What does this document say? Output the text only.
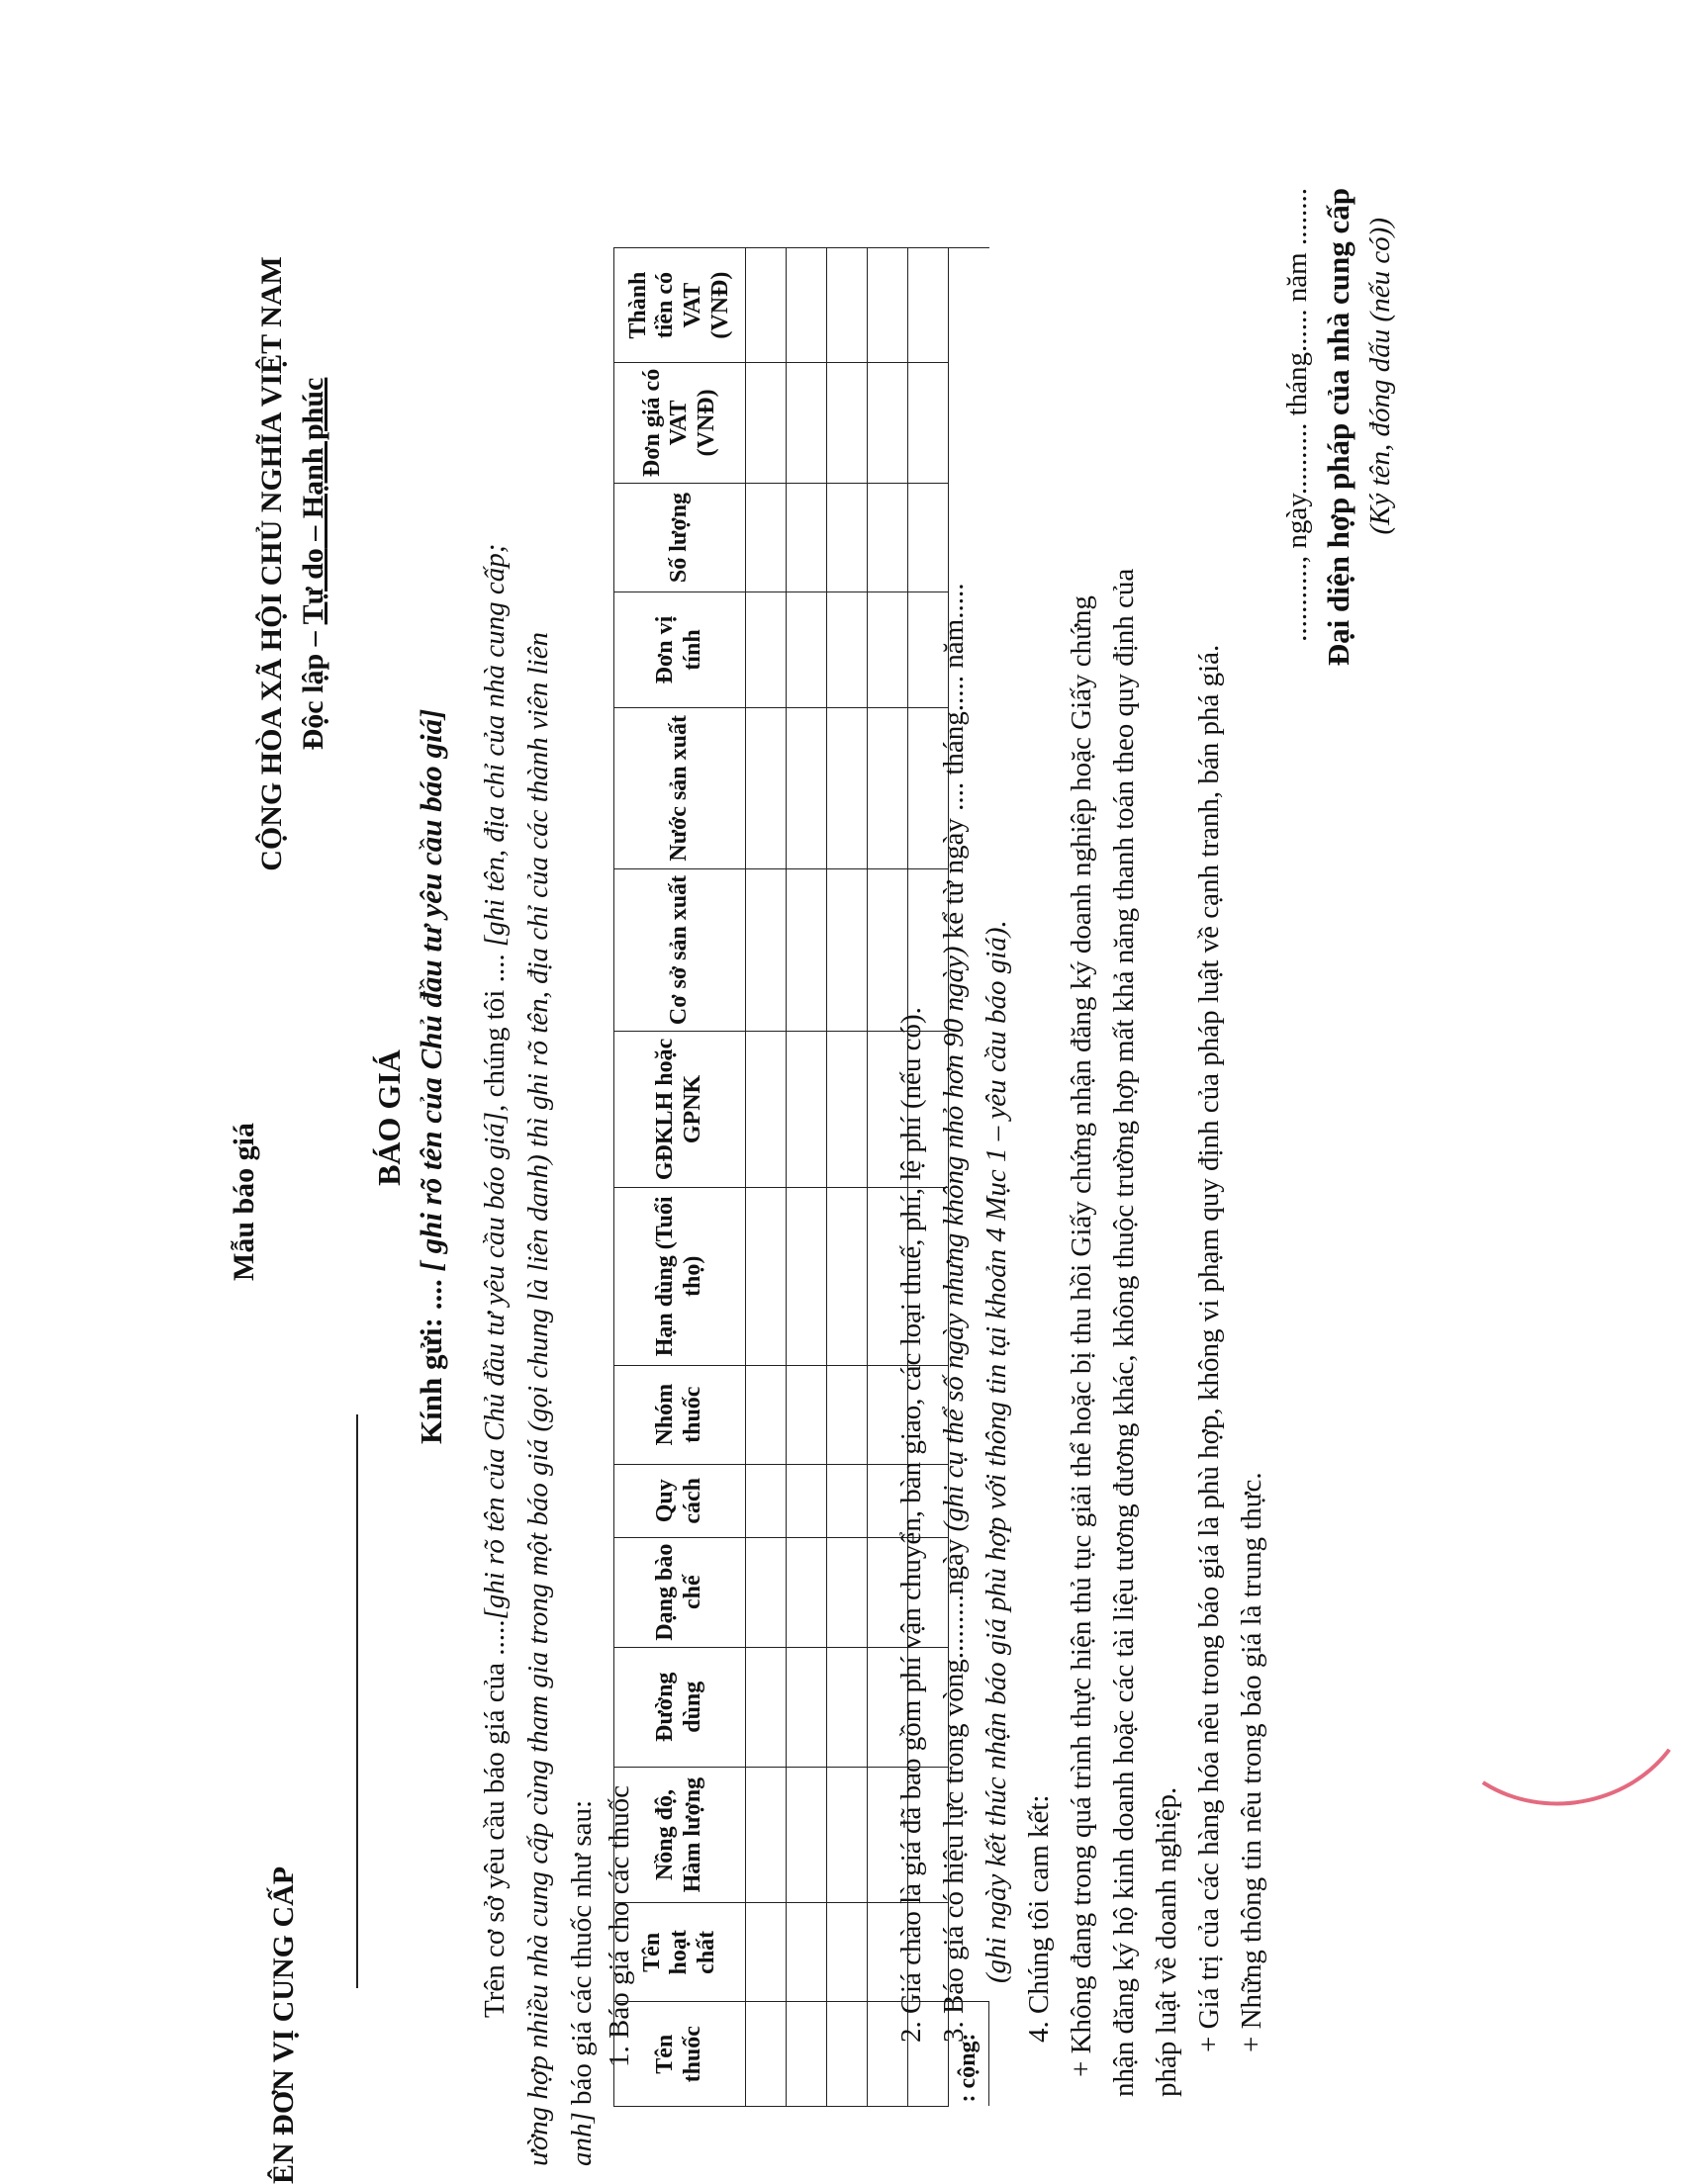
ÊN ĐƠN VỊ CUNG CẤP
Mẫu báo giá
CỘNG HÒA XÃ HỘI CHỦ NGHĨA VIỆT NAM Độc lập – Tự do – Hạnh phúc
BÁO GIÁ
Kính gửi: .... [ ghi rõ tên của Chủ đầu tư yêu cầu báo giá]

Trên cơ sở yêu cầu báo giá của .....[ghi rõ tên của Chủ đầu tư yêu cầu báo giá], chúng tôi .... [ghi tên, địa chỉ của nhà cung cấp; ường hợp nhiều nhà cung cấp cùng tham gia trong một báo giá (gọi chung là liên danh) thì ghi rõ tên, địa chỉ của các thành viên liên anh] báo giá các thuốc như sau: 1. Báo giá cho các thuốc Tên thuốc	Tên hoạt chất	Nồng độ, Hàm lượng	Đường dùng	Dạng bào chế	Quy cách	Nhóm thuốc	Hạn dùng (Tuổi thọ)	GĐKLH hoặc GPNK	Cơ sở sản xuất	Nước sản xuất	Đơn vị tính	Số lượng	Đơn giá có VAT (VNĐ)	Thành tiền có VAT (VNĐ)

: cộng:														

2. Giá chào là giá đã bao gồm phí vận chuyển, bàn giao, các loại thuế, phí, lệ phí (nếu có). 3. Báo giá có hiệu lực trong vòng.........ngày (ghi cụ thể số ngày nhưng không nhỏ hơn 90 ngày) kể từ ngày .... tháng..... năm.....

(ghi ngày kết thúc nhận báo giá phù hợp với thông tin tại khoản 4 Mục 1 – yêu cầu báo giá). 4. Chúng tôi cam kết: + Không đang trong quá trình thực hiện thủ tục giải thể hoặc bị thu hồi Giấy chứng nhận đăng ký doanh nghiệp hoặc Giấy chứng nhận đăng ký hộ kinh doanh hoặc các tài liệu tương đương khác, không thuộc trường hợp mất khả năng thanh toán theo quy định của pháp luật về doanh nghiệp. + Giá trị của các hàng hóa nêu trong báo giá là phù hợp, không vi phạm quy định của pháp luật về cạnh tranh, bán phá giá. + Những thông tin nêu trong báo giá là trung thực.

..........., ngày.......... tháng...... năm ........ Đại diện hợp pháp của nhà cung cấp (Ký tên, đóng dấu (nếu có))
